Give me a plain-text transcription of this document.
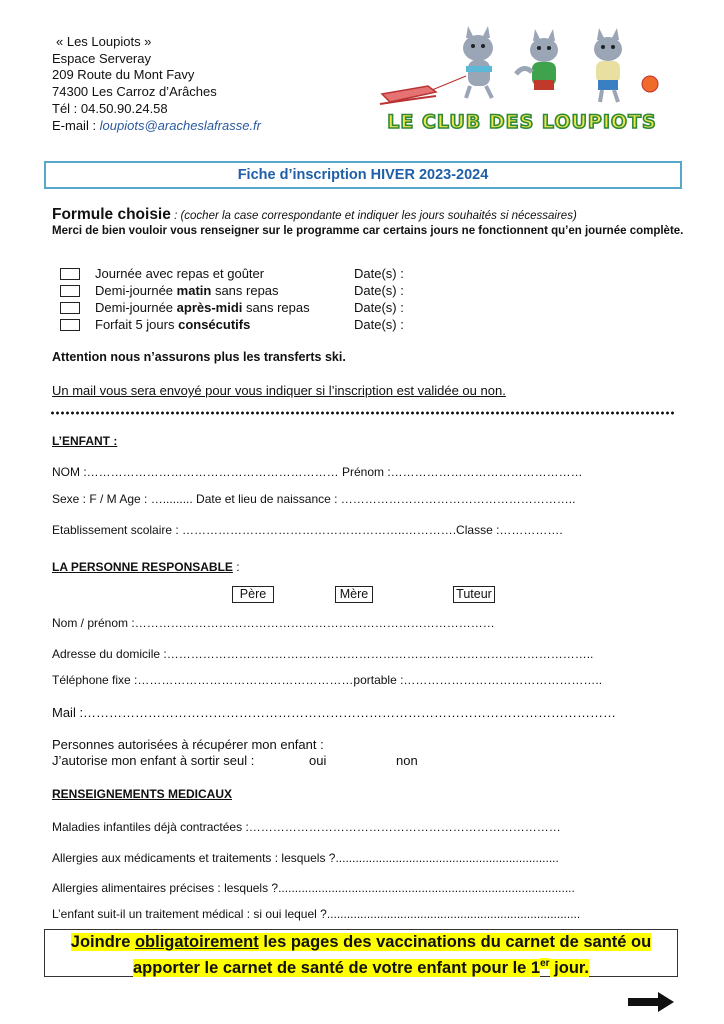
« Les Loupiots »
Espace Serveray
209 Route du Mont Favy
74300 Les Carroz d’Arâches
Tél : 04.50.90.24.58
E-mail : loupiots@aracheslafrasse.fr	LE CLUB DES LOUPIOTS
Fiche d’inscription HIVER 2023-2024
Formule choisie : (cocher la case correspondante et indiquer les jours souhaités si nécessaires)
Merci de bien vouloir vous renseigner sur le programme car certains jours ne fonctionnent qu’en journée complète.
Journée avec repas et goûter	Date(s) :
Demi-journée matin sans repas	Date(s) :
Demi-journée après-midi sans repas	Date(s) :
Forfait 5 jours consécutifs	Date(s) :
Attention nous n’assurons plus les transferts ski.
Un mail vous sera envoyé pour vous indiquer si l’inscription est validée ou non.
L’ENFANT :
NOM :……………………………………………………… Prénom :…………………………………………
Sexe : F / M Age : …......... Date et lieu de naissance : …………………………………………………..
Etablissement scolaire : ………………………………………………..………….Classe :…………….
LA PERSONNE RESPONSABLE :
Père	Mère	Tuteur
Nom / prénom :………………………………………………………………………………
Adresse du domicile :……………………………………………………………………………………………..
Téléphone fixe :………………………………………………portable :…………………………………………..
Mail :……………………………………………………………………………………………………………
Personnes autorisées à récupérer mon enfant :
J’autorise mon enfant à sortir seul :	oui	non
RENSEIGNEMENTS MEDICAUX
Maladies infantiles déjà contractées :……………………………………………………………………
Allergies aux médicaments et traitements : lesquels ?...................................................................
Allergies alimentaires précises : lesquels ?.........................................................................................
L’enfant suit-il un traitement médical : si oui lequel ?............................................................................
Joindre obligatoirement les pages des vaccinations du carnet de santé ou
apporter le carnet de santé de votre enfant pour le 1er jour.
